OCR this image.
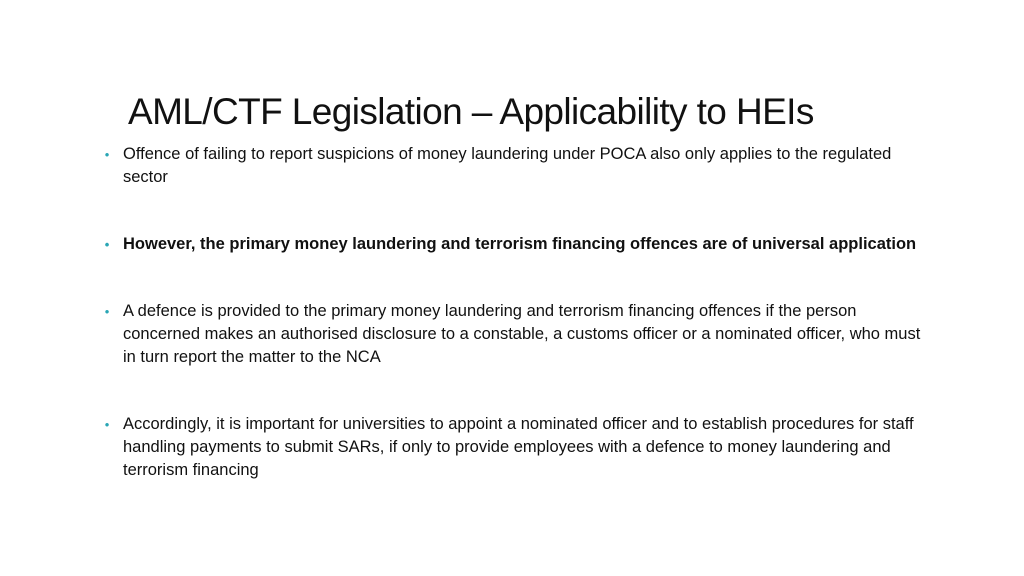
AML/CTF Legislation – Applicability to HEIs
• Offence of failing to report suspicions of money laundering under POCA also only applies to the regulated sector
• However, the primary money laundering and terrorism financing offences are of universal application
• A defence is provided to the primary money laundering and terrorism financing offences if the person concerned makes an authorised disclosure to a constable, a customs officer or a nominated officer, who must in turn report the matter to the NCA
• Accordingly, it is important for universities to appoint a nominated officer and to establish procedures for staff handling payments to submit SARs, if only to provide employees with a defence to money laundering and terrorism financing
